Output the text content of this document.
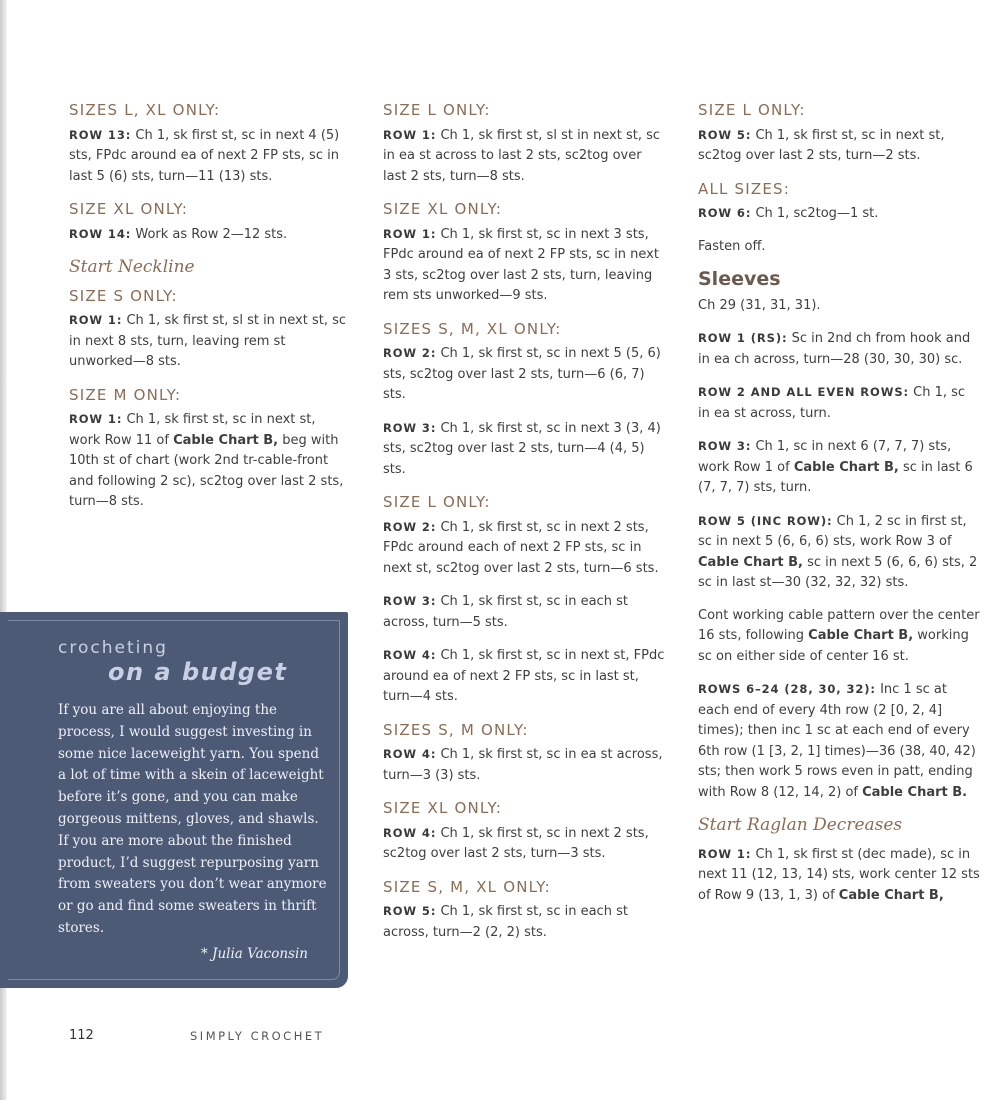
SIZES L, XL ONLY:
ROW 13: Ch 1, sk first st, sc in next 4 (5) sts, FPdc around ea of next 2 FP sts, sc in last 5 (6) sts, turn—11 (13) sts.
SIZE XL ONLY:
ROW 14: Work as Row 2—12 sts.
Start Neckline
SIZE S ONLY:
ROW 1: Ch 1, sk first st, sl st in next st, sc in next 8 sts, turn, leaving rem st unworked—8 sts.
SIZE M ONLY:
ROW 1: Ch 1, sk first st, sc in next st, work Row 11 of Cable Chart B, beg with 10th st of chart (work 2nd tr-cable-front and following 2 sc), sc2tog over last 2 sts, turn—8 sts.
crocheting
on a budget
If you are all about enjoying the process, I would suggest investing in some nice laceweight yarn. You spend a lot of time with a skein of laceweight before it’s gone, and you can make gorgeous mittens, gloves, and shawls. If you are more about the finished product, I’d suggest repurposing yarn from sweaters you don’t wear anymore or go and find some sweaters in thrift stores.
* Julia Vaconsin
SIZE L ONLY:
ROW 1: Ch 1, sk first st, sl st in next st, sc in ea st across to last 2 sts, sc2tog over last 2 sts, turn—8 sts.
SIZE XL ONLY:
ROW 1: Ch 1, sk first st, sc in next 3 sts, FPdc around ea of next 2 FP sts, sc in next 3 sts, sc2tog over last 2 sts, turn, leaving rem sts unworked—9 sts.
SIZES S, M, XL ONLY:
ROW 2: Ch 1, sk first st, sc in next 5 (5, 6) sts, sc2tog over last 2 sts, turn—6 (6, 7) sts.
ROW 3: Ch 1, sk first st, sc in next 3 (3, 4) sts, sc2tog over last 2 sts, turn—4 (4, 5) sts.
SIZE L ONLY:
ROW 2: Ch 1, sk first st, sc in next 2 sts, FPdc around each of next 2 FP sts, sc in next st, sc2tog over last 2 sts, turn—6 sts.
ROW 3: Ch 1, sk first st, sc in each st across, turn—5 sts.
ROW 4: Ch 1, sk first st, sc in next st, FPdc around ea of next 2 FP sts, sc in last st, turn—4 sts.
SIZES S, M ONLY:
ROW 4: Ch 1, sk first st, sc in ea st across, turn—3 (3) sts.
SIZE XL ONLY:
ROW 4: Ch 1, sk first st, sc in next 2 sts, sc2tog over last 2 sts, turn—3 sts.
SIZE S, M, XL ONLY:
ROW 5: Ch 1, sk first st, sc in each st across, turn—2 (2, 2) sts.
SIZE L ONLY:
ROW 5: Ch 1, sk first st, sc in next st, sc2tog over last 2 sts, turn—2 sts.
ALL SIZES:
ROW 6: Ch 1, sc2tog—1 st.
Fasten off.
Sleeves
Ch 29 (31, 31, 31).
ROW 1 (RS): Sc in 2nd ch from hook and in ea ch across, turn—28 (30, 30, 30) sc.
ROW 2 AND ALL EVEN ROWS: Ch 1, sc in ea st across, turn.
ROW 3: Ch 1, sc in next 6 (7, 7, 7) sts, work Row 1 of Cable Chart B, sc in last 6 (7, 7, 7) sts, turn.
ROW 5 (INC ROW): Ch 1, 2 sc in first st, sc in next 5 (6, 6, 6) sts, work Row 3 of Cable Chart B, sc in next 5 (6, 6, 6) sts, 2 sc in last st—30 (32, 32, 32) sts.
Cont working cable pattern over the center 16 sts, following Cable Chart B, working sc on either side of center 16 st.
ROWS 6–24 (28, 30, 32): Inc 1 sc at each end of every 4th row (2 [0, 2, 4] times); then inc 1 sc at each end of every 6th row (1 [3, 2, 1] times)—36 (38, 40, 42) sts; then work 5 rows even in patt, ending with Row 8 (12, 14, 2) of Cable Chart B.
Start Raglan Decreases
ROW 1: Ch 1, sk first st (dec made), sc in next 11 (12, 13, 14) sts, work center 12 sts of Row 9 (13, 1, 3) of Cable Chart B,
112	SIMPLY CROCHET
